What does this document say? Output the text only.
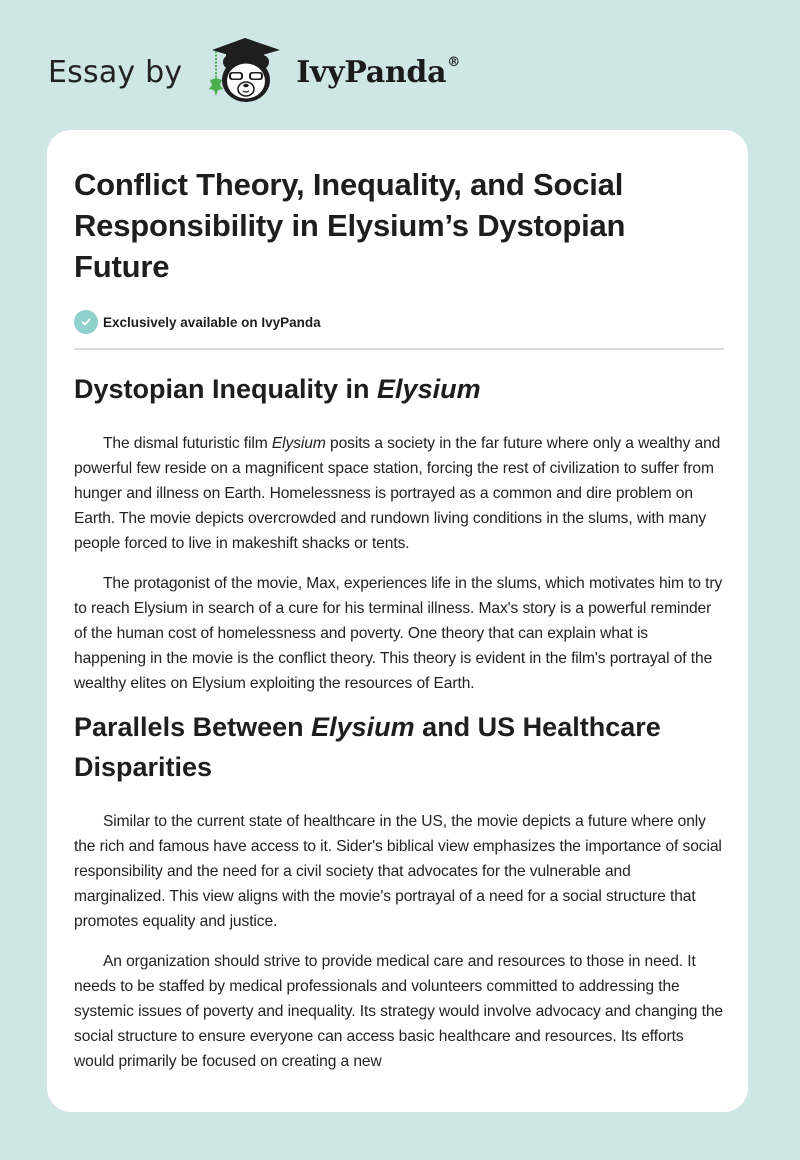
Essay by	IvyPanda®
Conflict Theory, Inequality, and Social Responsibility in Elysium’s Dystopian Future
Exclusively available on IvyPanda
Dystopian Inequality in Elysium

The dismal futuristic film Elysium posits a society in the far future where only a wealthy and powerful few reside on a magnificent space station, forcing the rest of civilization to suffer from hunger and illness on Earth. Homelessness is portrayed as a common and dire problem on Earth. The movie depicts overcrowded and rundown living conditions in the slums, with many people forced to live in makeshift shacks or tents.

The protagonist of the movie, Max, experiences life in the slums, which motivates him to try to reach Elysium in search of a cure for his terminal illness. Max's story is a powerful reminder of the human cost of homelessness and poverty. One theory that can explain what is happening in the movie is the conflict theory. This theory is evident in the film's portrayal of the wealthy elites on Elysium exploiting the resources of Earth.

Parallels Between Elysium and US Healthcare Disparities

Similar to the current state of healthcare in the US, the movie depicts a future where only the rich and famous have access to it. Sider's biblical view emphasizes the importance of social responsibility and the need for a civil society that advocates for the vulnerable and marginalized. This view aligns with the movie's portrayal of a need for a social structure that promotes equality and justice.

An organization should strive to provide medical care and resources to those in need. It needs to be staffed by medical professionals and volunteers committed to addressing the systemic issues of poverty and inequality. Its strategy would involve advocacy and changing the social structure to ensure everyone can access basic healthcare and resources. Its efforts would primarily be focused on creating a new
